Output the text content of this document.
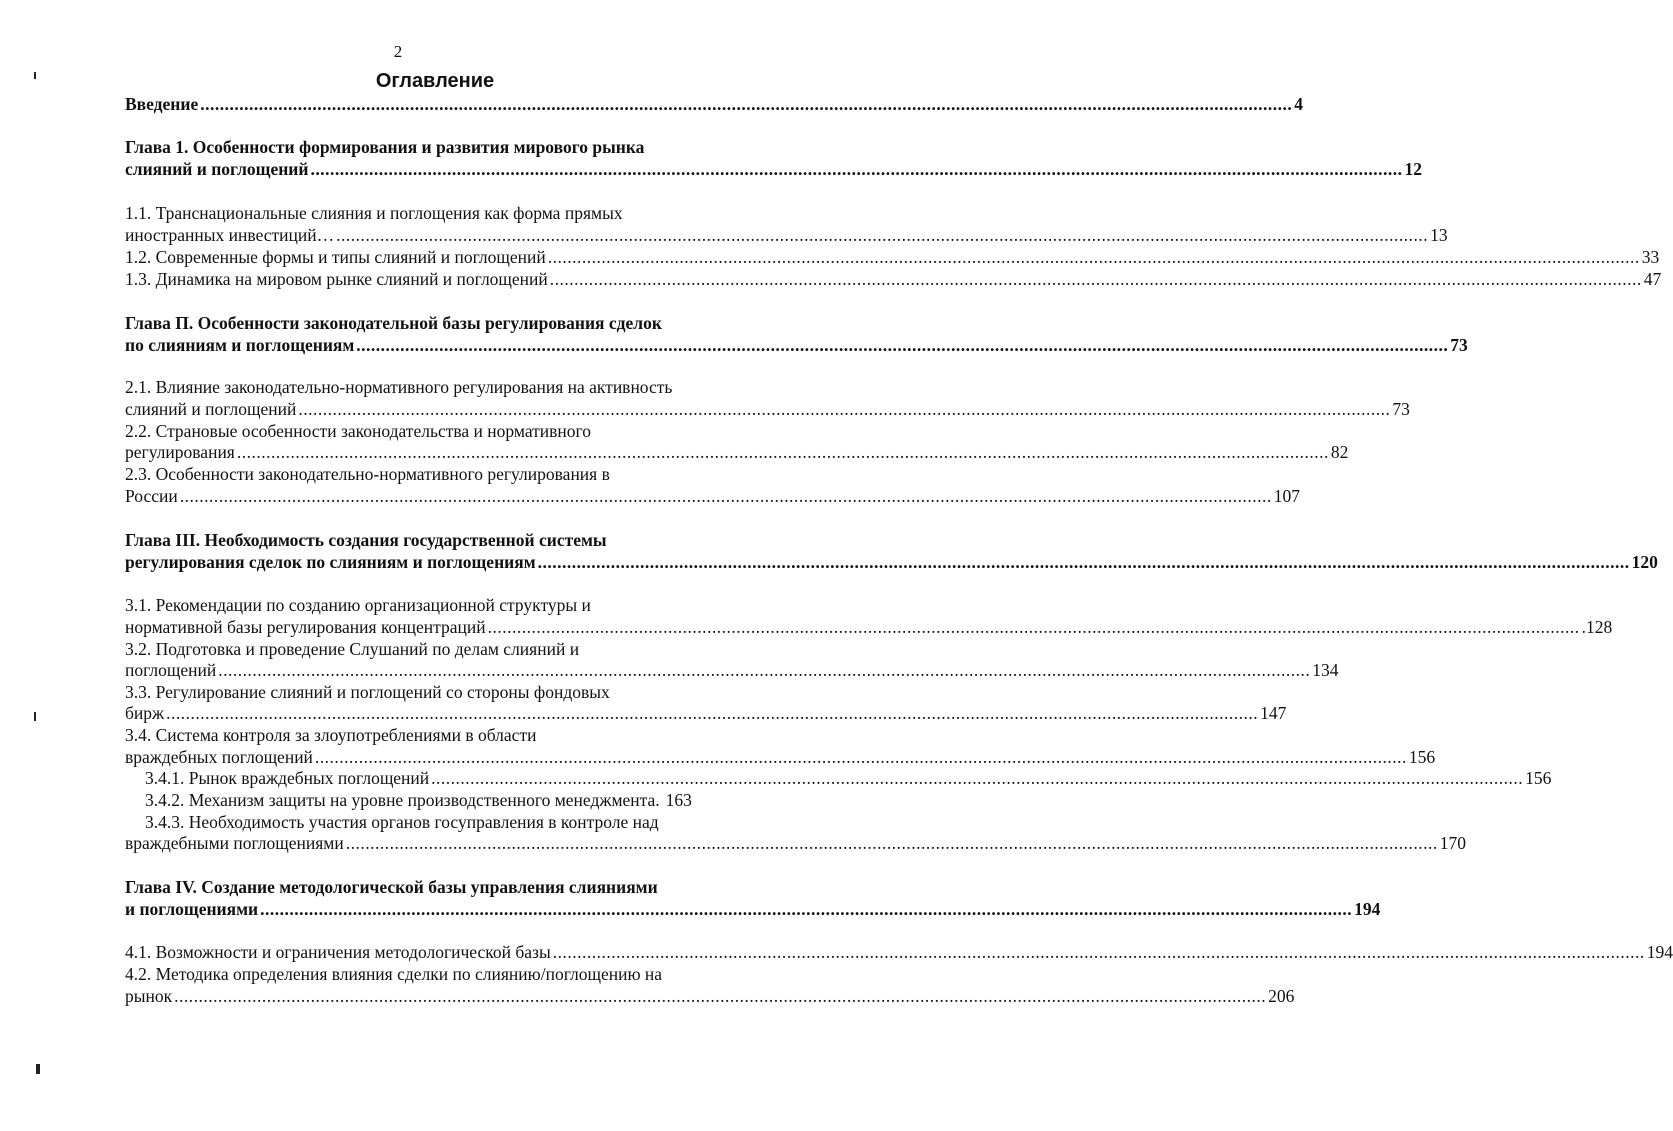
2
Оглавление
Введение .....	4
Глава 1. Особенности формирования и развития мирового рынка
слияний и поглощений .....	12
1.1. Транснациональные слияния и поглощения как форма прямых
иностранных инвестиций… .....	13
1.2. Современные формы и типы слияний и поглощений .....	33
1.3. Динамика на мировом рынке слияний и поглощений .....	47
Глава П. Особенности законодательной базы регулирования сделок
по слияниям и поглощениям .....	73
2.1. Влияние законодательно-нормативного регулирования на активность
слияний и поглощений .....	73
2.2. Страновые особенности законодательства и нормативного
регулирования .....	82
2.3. Особенности законодательно-нормативного регулирования в
России .....	107
Глава III. Необходимость создания государственной системы
регулирования сделок по слияниям и поглощениям .....	120
3.1. Рекомендации по созданию организационной структуры и
нормативной базы регулирования концентраций .....	.128
3.2. Подготовка и проведение Слушаний по делам слияний и
поглощений .....	134
3.3. Регулирование слияний и поглощений со стороны фондовых
бирж .....	147
3.4. Система контроля за злоупотреблениями в области
враждебных поглощений .....	156
3.4.1. Рынок враждебных поглощений .....	156
3.4.2. Механизм защиты на уровне производственного менеджмента. 163
3.4.3. Необходимость участия органов госуправления в контроле над
враждебными поглощениями .....	170
Глава IV. Создание методологической базы управления слияниями
и поглощениями .....	194
4.1. Возможности и ограничения методологической базы .....	194
4.2. Методика определения влияния сделки по слиянию/поглощению на
рынок .....	206
